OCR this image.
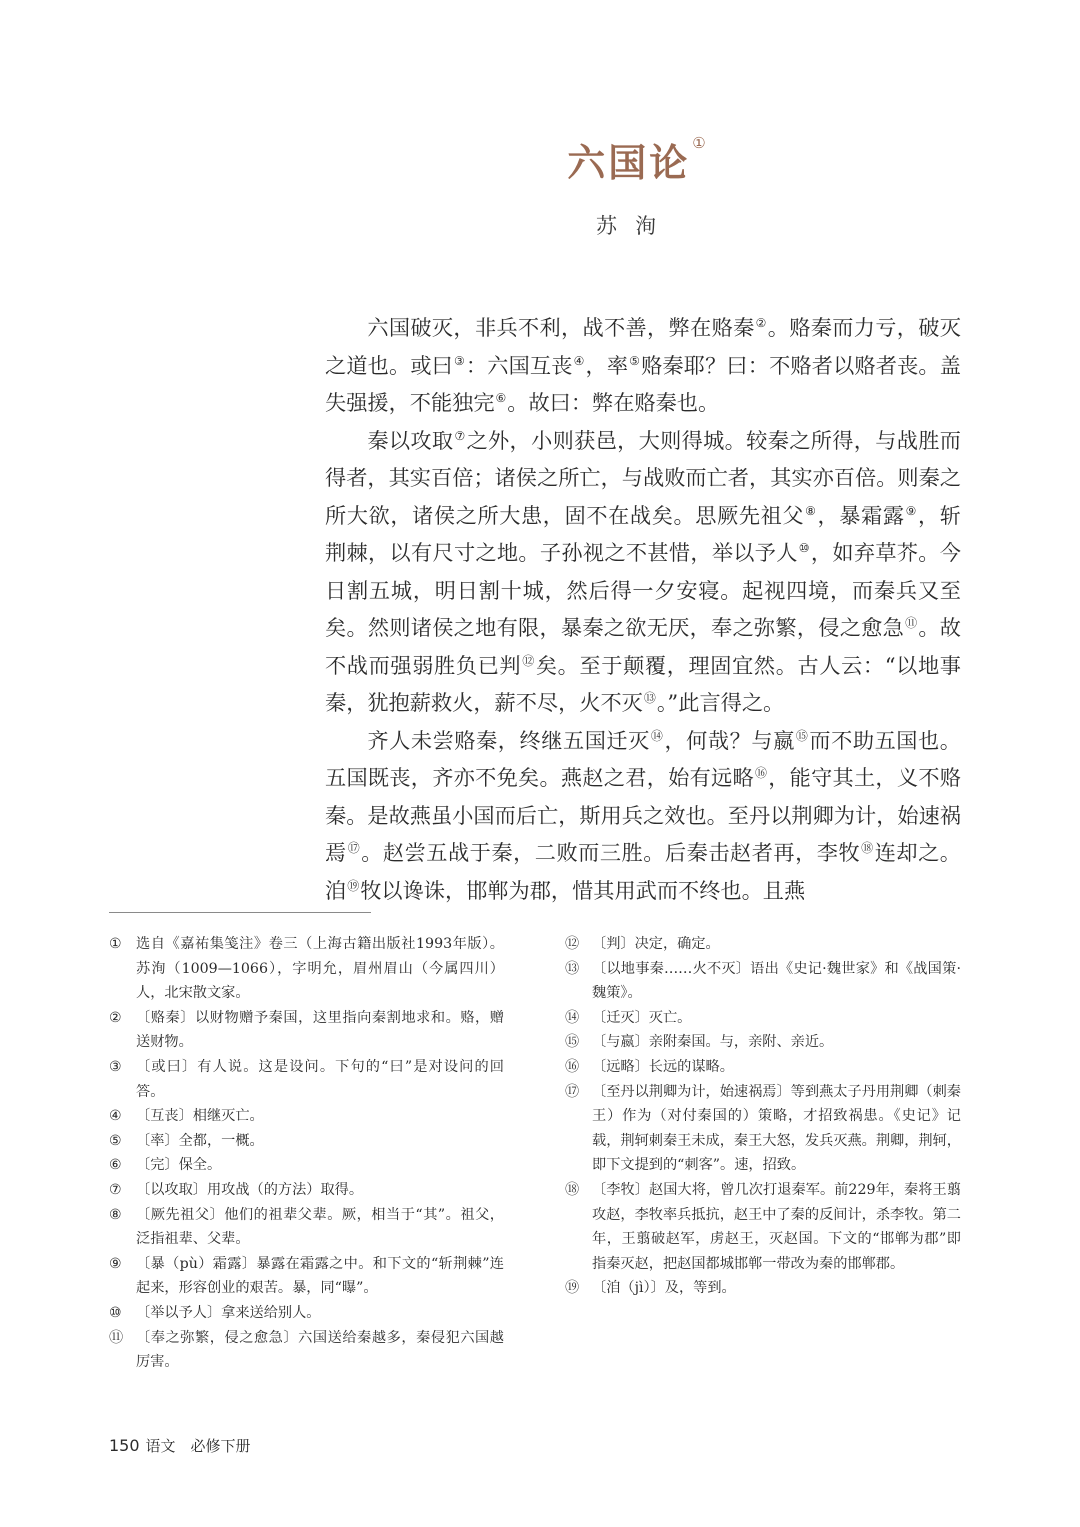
六国论 ①
苏洵

六国破灭，非兵不利，战不善，弊在赂秦②。赂秦而力亏，破灭之道也。或曰③：六国互丧④，率⑤赂秦耶？曰：不赂者以赂者丧。盖失强援，不能独完⑥。故曰：弊在赂秦也。

秦以攻取⑦之外，小则获邑，大则得城。较秦之所得，与战胜而得者，其实百倍；诸侯之所亡，与战败而亡者，其实亦百倍。则秦之所大欲，诸侯之所大患，固不在战矣。思厥先祖父⑧，暴霜露⑨，斩荆棘，以有尺寸之地。子孙视之不甚惜，举以予人⑩，如弃草芥。今日割五城，明日割十城，然后得一夕安寝。起视四境，而秦兵又至矣。然则诸侯之地有限，暴秦之欲无厌，奉之弥繁，侵之愈急⑪。故不战而强弱胜负已判⑫矣。至于颠覆，理固宜然。古人云：“以地事秦，犹抱薪救火，薪不尽，火不灭⑬。”此言得之。

齐人未尝赂秦，终继五国迁灭⑭，何哉？与嬴⑮而不助五国也。五国既丧，齐亦不免矣。燕赵之君，始有远略⑯，能守其土，义不赂秦。是故燕虽小国而后亡，斯用兵之效也。至丹以荆卿为计，始速祸焉⑰。赵尝五战于秦，二败而三胜。后秦击赵者再，李牧⑱连却之。洎⑲牧以谗诛，邯郸为郡，惜其用武而不终也。且燕

①	选自《嘉祐集笺注》卷三（上海古籍出版社1993年版）。苏洵（1009—1066），字明允，眉州眉山（今属四川）人，北宋散文家。
②	〔赂秦〕以财物赠予秦国，这里指向秦割地求和。赂，赠送财物。
③	〔或曰〕有人说。这是设问。下句的“曰”是对设问的回答。
④	〔互丧〕相继灭亡。
⑤	〔率〕全都，一概。
⑥	〔完〕保全。
⑦	〔以攻取〕用攻战（的方法）取得。
⑧	〔厥先祖父〕他们的祖辈父辈。厥，相当于“其”。祖父，泛指祖辈、父辈。
⑨	〔暴（pù）霜露〕暴露在霜露之中。和下文的“斩荆棘”连起来，形容创业的艰苦。暴，同“曝”。
⑩	〔举以予人〕拿来送给别人。
⑪ 〔奉之弥繁，侵之愈急〕六国送给秦越多，秦侵犯六国越厉害。
⑫ 〔判〕决定，确定。
⑬ 〔以地事秦……火不灭〕语出《史记·魏世家》和《战国策·魏策》。
⑭ 〔迁灭〕灭亡。
⑮ 〔与嬴〕亲附秦国。与，亲附、亲近。
⑯ 〔远略〕长远的谋略。
⑰ 〔至丹以荆卿为计，始速祸焉〕等到燕太子丹用荆卿（刺秦王）作为（对付秦国的）策略，才招致祸患。《史记》记载，荆轲刺秦王未成，秦王大怒，发兵灭燕。荆卿，荆轲，即下文提到的“刺客”。速，招致。
⑱ 〔李牧〕赵国大将，曾几次打退秦军。前229年，秦将王翦攻赵，李牧率兵抵抗，赵王中了秦的反间计，杀李牧。第二年，王翦破赵军，虏赵王，灭赵国。下文的“邯郸为郡”即指秦灭赵，把赵国都城邯郸一带改为秦的邯郸郡。
⑲ 〔洎（jì）〕及，等到。
150 语文　必修下册
